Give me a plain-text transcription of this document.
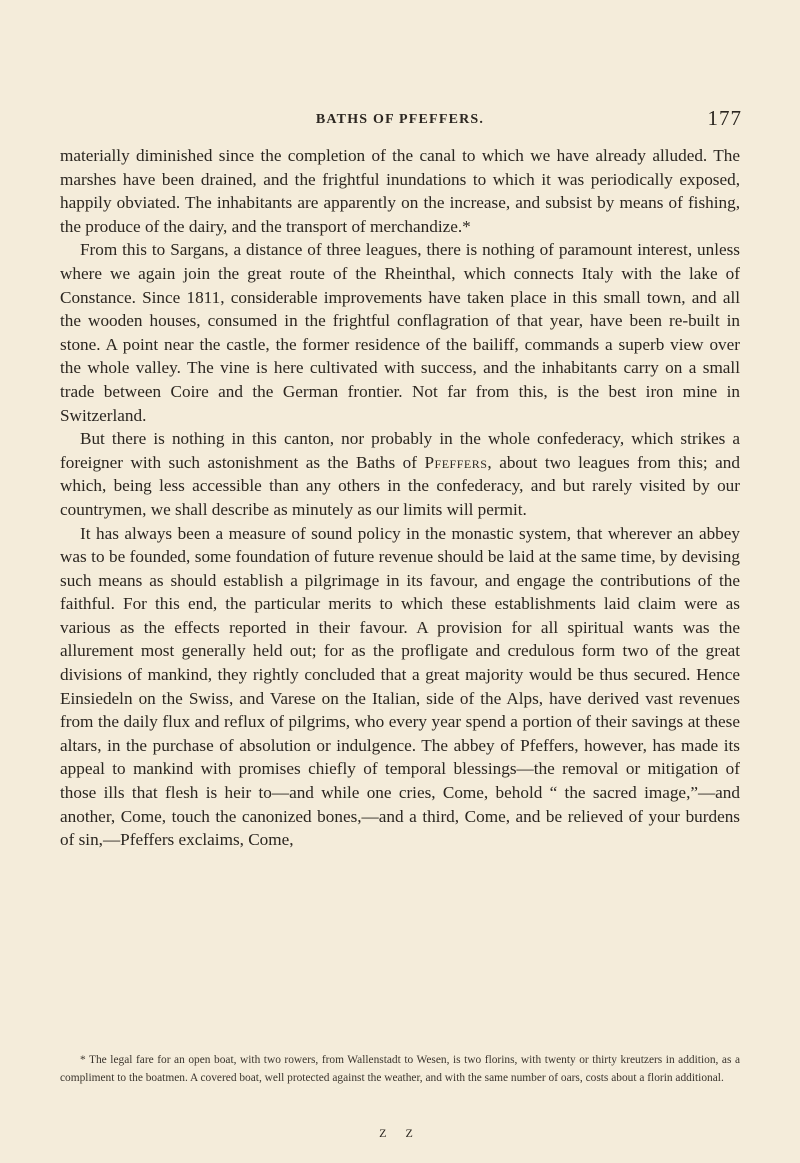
BATHS OF PFEFFERS.	177

materially diminished since the completion of the canal to which we have already alluded. The marshes have been drained, and the frightful inundations to which it was periodically exposed, happily obviated. The inhabitants are apparently on the increase, and subsist by means of fishing, the produce of the dairy, and the transport of merchandize.*

From this to Sargans, a distance of three leagues, there is nothing of paramount interest, unless where we again join the great route of the Rheinthal, which connects Italy with the lake of Constance. Since 1811, considerable improvements have taken place in this small town, and all the wooden houses, consumed in the frightful conflagration of that year, have been re-built in stone. A point near the castle, the former residence of the bailiff, commands a superb view over the whole valley. The vine is here cultivated with success, and the inhabitants carry on a small trade between Coire and the German frontier. Not far from this, is the best iron mine in Switzerland.

But there is nothing in this canton, nor probably in the whole confederacy, which strikes a foreigner with such astonishment as the Baths of Pfeffers, about two leagues from this; and which, being less accessible than any others in the confederacy, and but rarely visited by our countrymen, we shall describe as minutely as our limits will permit.

It has always been a measure of sound policy in the monastic system, that wherever an abbey was to be founded, some foundation of future revenue should be laid at the same time, by devising such means as should establish a pilgrimage in its favour, and engage the contributions of the faithful. For this end, the particular merits to which these establishments laid claim were as various as the effects reported in their favour. A provision for all spiritual wants was the allurement most generally held out; for as the profligate and credulous form two of the great divisions of mankind, they rightly concluded that a great majority would be thus secured. Hence Einsiedeln on the Swiss, and Varese on the Italian, side of the Alps, have derived vast revenues from the daily flux and reflux of pilgrims, who every year spend a portion of their savings at these altars, in the purchase of absolution or indulgence. The abbey of Pfeffers, however, has made its appeal to mankind with promises chiefly of temporal blessings—the removal or mitigation of those ills that flesh is heir to—and while one cries, Come, behold “ the sacred image,”—and another, Come, touch the canonized bones,—and a third, Come, and be relieved of your burdens of sin,—Pfeffers exclaims, Come,

* The legal fare for an open boat, with two rowers, from Wallenstadt to Wesen, is two florins, with twenty or thirty kreutzers in addition, as a compliment to the boatmen. A covered boat, well protected against the weather, and with the same number of oars, costs about a florin additional.

Z Z
